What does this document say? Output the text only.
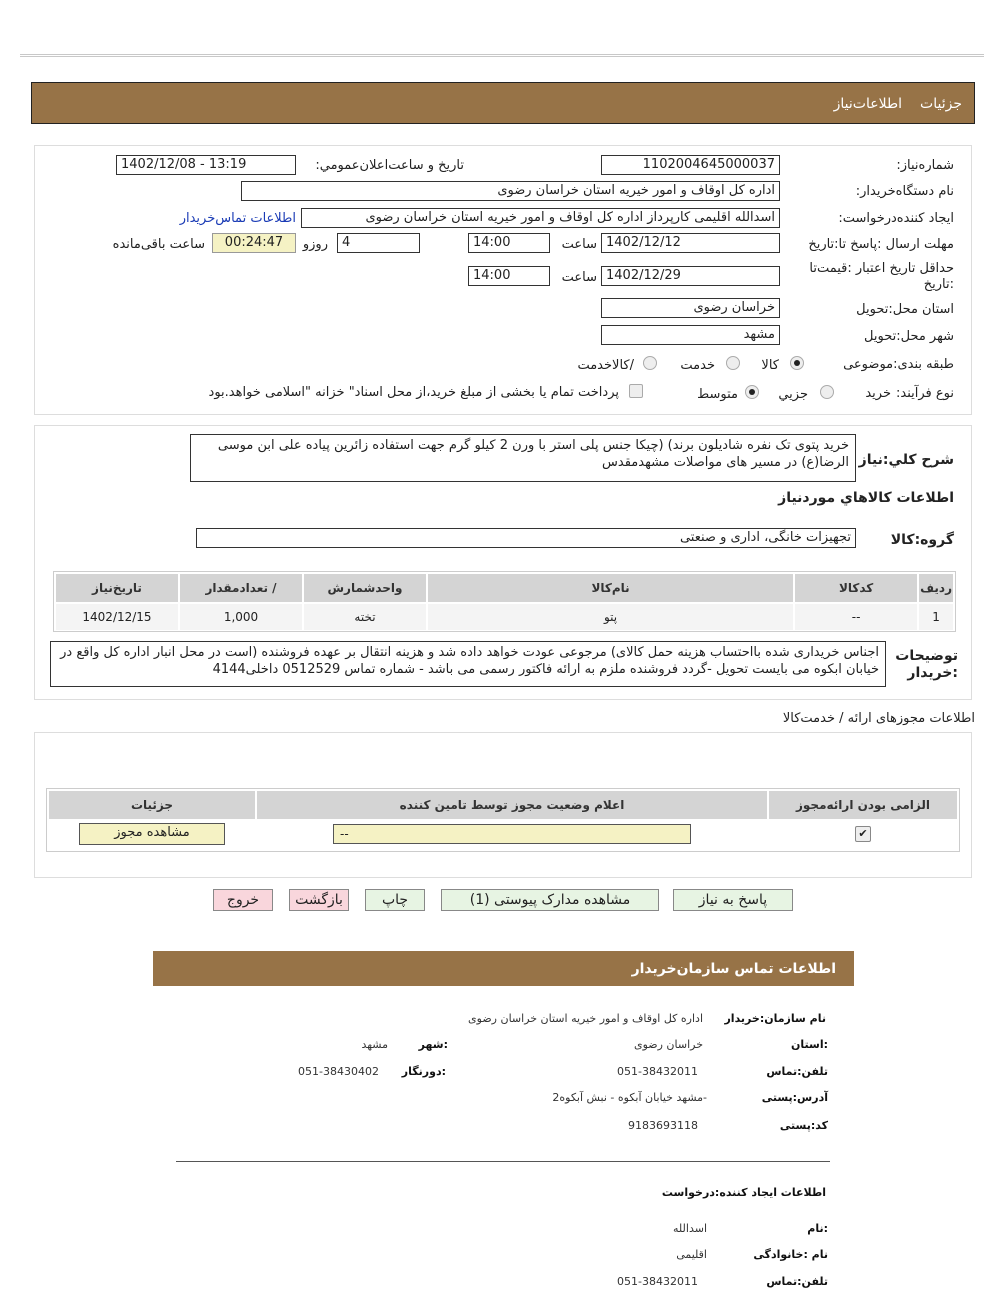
جزئیات
اطلاعات‌نیاز
شماره‌نیاز:
1102004645000037
تاریخ و ساعت‌اعلان‌عمومي:
1402/12/08 - 13:19
نام دستگاه‌خريدار:
اداره کل اوقاف و امور خیریه استان خراسان رضوی
ایجاد کننده‌درخواست:
اسدالله اقلیمی کارپرداز اداره کل اوقاف و امور خیریه استان خراسان رضوی
اطلاعات تماس‌خریدار
مهلت ارسال :پاسخ تا:تاریخ
1402/12/12
ساعت
14:00
4
روزو
00:24:47
ساعت باقی‌مانده
حداقل تاریخ اعتبار :قیمت‌تا
:تاریخ
1402/12/29
ساعت
14:00
استان محل:تحویل
خراسان رضوی
شهر محل:تحویل
مشهد
طبقه بندی:موضوعی
کالا
خدمت
/کالاخدمت
نوع فرآیند:
خرید
جزيي
متوسط
پرداخت تمام یا بخشی از مبلغ خرید،از محل اسناد" خزانه "اسلامی خواهد.بود
شرح کلي:نياز
خرید پتوی تک نفره شادیلون برند) (چیکا جنس پلی استر با ورن 2 کیلو گرم جهت استفاده زائرین پیاده علی ابن موسی الرضا(ع) در مسیر های مواصلات مشهدمقدس
اطلاعات کالاهاي مورد‌نياز
گروه:کالا
تجهیزات خانگی، اداری و صنعتی
رديف	کدکالا	نام‌کالا	واحدشمارش	/ تعدادمقدار	تاریخ‌نیاز
1	--	پتو	تخته	1,000	1402/12/15
توضیحات
:خریدار
اجناس خریداری شده بااحتساب هزینه حمل کالای) مرجوعی عودت خواهد داده شد و هزینه انتقال بر عهده فروشنده (است در محل انبار اداره کل واقع در خیابان ابکوه می بایست تحویل -گردد فروشنده ملزم به ارائه فاکتور رسمی می باشد - شماره تماس 0512529 داخلی4144
اطلاعات مجوزهای ارائه / خدمت‌کالا
الزامی بودن ارائه‌مجوز	اعلام وضعیت مجوز توسط تامین کننده	جزئیات
✔	--	مشاهده مجوز
پاسخ به نیاز
مشاهده مدارک پیوستی (1)
چاپ
بازگشت
خروج
اطلاعات تماس سازمان‌خریدار
نام سازمان:خریدار
اداره کل اوقاف و امور خیریه استان خراسان رضوی
:استان
خراسان رضوی
:شهر
مشهد
تلفن:تماس
051-38432011
:دورنگار
051-38430402
آدرس:پستی
-مشهد خیابان آبکوه - نبش آبکوه2
کد:پستی
9183693118
اطلاعات ایجاد کننده:درخواست
:نام
اسدالله
نام :خانوادگی
اقلیمی
تلفن:تماس
051-38432011
